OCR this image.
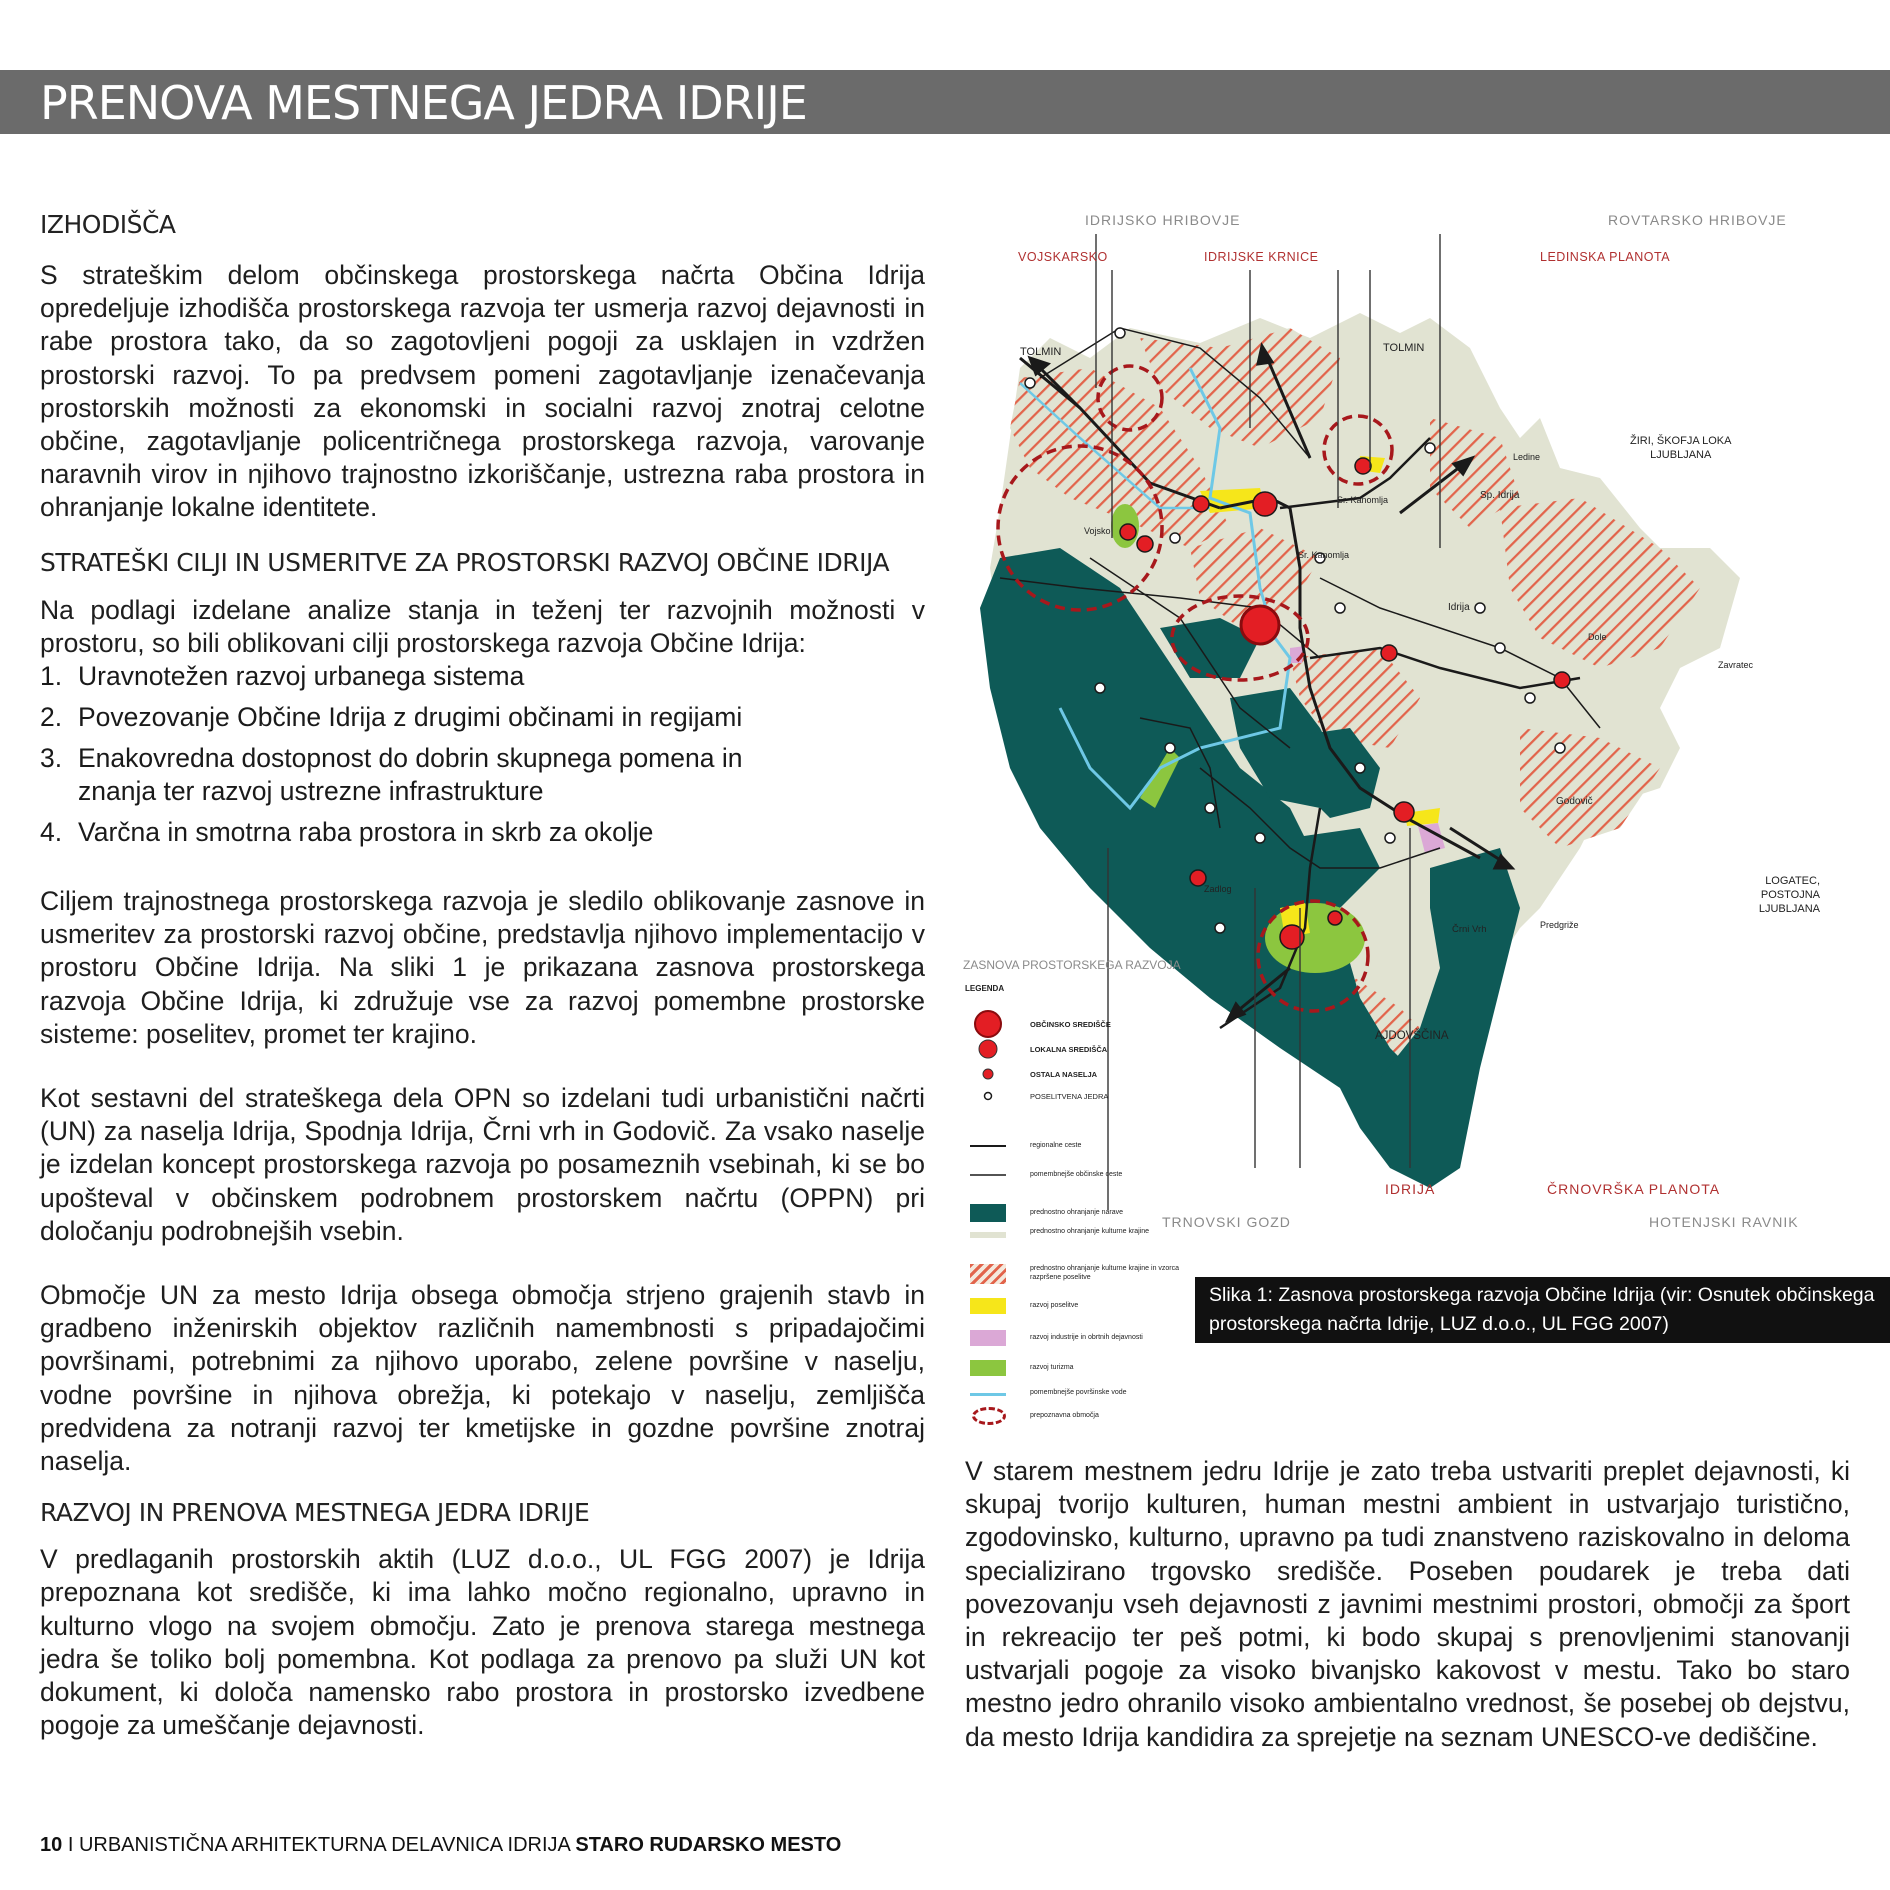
PRENOVA MESTNEGA JEDRA IDRIJE
IZHODIŠČA

S strateškim delom občinskega prostorskega načrta Občina Idrija opredeljuje izhodišča prostorskega razvoja ter usmerja razvoj dejavnosti in rabe prostora tako, da so zagotovljeni pogoji za usklajen in vzdržen prostorski razvoj. To pa predvsem pomeni zagotavljanje izenačevanja prostorskih možnosti za ekonomski in socialni razvoj znotraj celotne občine, zagotavljanje policentričnega prostorskega razvoja, varovanje naravnih virov in njihovo trajnostno izkoriščanje, ustrezna raba prostora in ohranjanje lokalne identitete.

STRATEŠKI CILJI IN USMERITVE ZA PROSTORSKI RAZVOJ OBČINE IDRIJA

Na podlagi izdelane analize stanja in teženj ter razvojnih možnosti v prostoru, so bili oblikovani cilji prostorskega razvoja Občine Idrija:

1. Uravnotežen razvoj urbanega sistema
2. Povezovanje Občine Idrija z drugimi občinami in regijami
3. Enakovredna dostopnost do dobrin skupnega pomena in znanja ter razvoj ustrezne infrastrukture
4. Varčna in smotrna raba prostora in skrb za okolje

Ciljem trajnostnega prostorskega razvoja je sledilo oblikovanje zasnove in usmeritev za prostorski razvoj občine, predstavlja njihovo implementacijo v prostoru Občine Idrija. Na sliki 1 je prikazana zasnova prostorskega razvoja Občine Idrija, ki združuje vse za razvoj pomembne prostorske sisteme: poselitev, promet ter krajino.

Kot sestavni del strateškega dela OPN so izdelani tudi urbanistični načrti (UN) za naselja Idrija, Spodnja Idrija, Črni vrh in Godovič. Za vsako naselje je izdelan koncept prostorskega razvoja po posameznih vsebinah, ki se bo upošteval v občinskem podrobnem prostorskem načrtu (OPPN) pri določanju podrobnejših vsebin.

Območje UN za mesto Idrija obsega območja strjeno grajenih stavb in gradbeno inženirskih objektov različnih namembnosti s pripadajočimi površinami, potrebnimi za njihovo uporabo, zelene površine v naselju, vodne površine in njihova obrežja, ki potekajo v naselju, zemljišča predvidena za notranji razvoj ter kmetijske in gozdne površine znotraj naselja.

RAZVOJ IN PRENOVA MESTNEGA JEDRA IDRIJE

V predlaganih prostorskih aktih (LUZ d.o.o., UL FGG 2007) je Idrija prepoznana kot središče, ki ima lahko močno regionalno, upravno in kulturno vlogo na svojem območju. Zato je prenova starega mestnega jedra še toliko bolj pomembna. Kot podlaga za prenovo pa služi UN kot dokument, ki določa namensko rabo prostora in prostorsko izvedbene pogoje za umeščanje dejavnosti.

IDRIJSKO HRIBOVJE	ROVTARSKO HRIBOVJE
VOJSKARSKO	IDRIJSKE KRNICE	LEDINSKA PLANOTA
TOLMIN	TOLMIN
ŽIRI, ŠKOFJA LOKA
LJUBLJANA
LOGATEC, POSTOJNA
LJUBLJANA
AJDOVŠČINA
Vojsko
Sr. Kanomlja
Sr. Kanomlja
Sp. Idrija
Ledine
Idrija
Dole
Zavratec
Godovič
Zadlog
Črni Vrh	Predgriže
IDRIJA	ČRNOVRŠKA PLANOTA
TRNOVSKI GOZD	HOTENJSKI RAVNIK
ZASNOVA PROSTORSKEGA RAZVOJA
LEGENDA
OBČINSKO SREDIŠČE
LOKALNA SREDIŠČA
OSTALA NASELJA
POSELITVENA JEDRA
regionalne ceste
pomembnejše občinske ceste
prednostno ohranjanje narave
prednostno ohranjanje kulturne krajine
prednostno ohranjanje kulturne krajine in vzorca razpršene poselitve
razvoj poselitve
razvoj industrije in obrtnih dejavnosti
razvoj turizma
pomembnejše površinske vode
prepoznavna območja
Slika 1: Zasnova prostorskega razvoja Občine Idrija (vir: Osnutek občinskega prostorskega načrta Idrije, LUZ d.o.o., UL FGG 2007)

V starem mestnem jedru Idrije je zato treba ustvariti preplet dejavnosti, ki skupaj tvorijo kulturen, human mestni ambient in ustvarjajo turistično, zgodovinsko, kulturno, upravno pa tudi znanstveno raziskovalno in deloma specializirano trgovsko središče. Poseben poudarek je treba dati povezovanju vseh dejavnosti z javnimi mestnimi prostori, območji za šport in rekreacijo ter peš potmi, ki bodo skupaj s prenovljenimi stanovanji ustvarjali pogoje za visoko bivanjsko kakovost v mestu. Tako bo staro mestno jedro ohranilo visoko ambientalno vrednost, še posebej ob dejstvu, da mesto Idrija kandidira za sprejetje na seznam UNESCO-ve dediščine.

10 I URBANISTIČNA ARHITEKTURNA DELAVNICA IDRIJA STARO RUDARSKO MESTO
